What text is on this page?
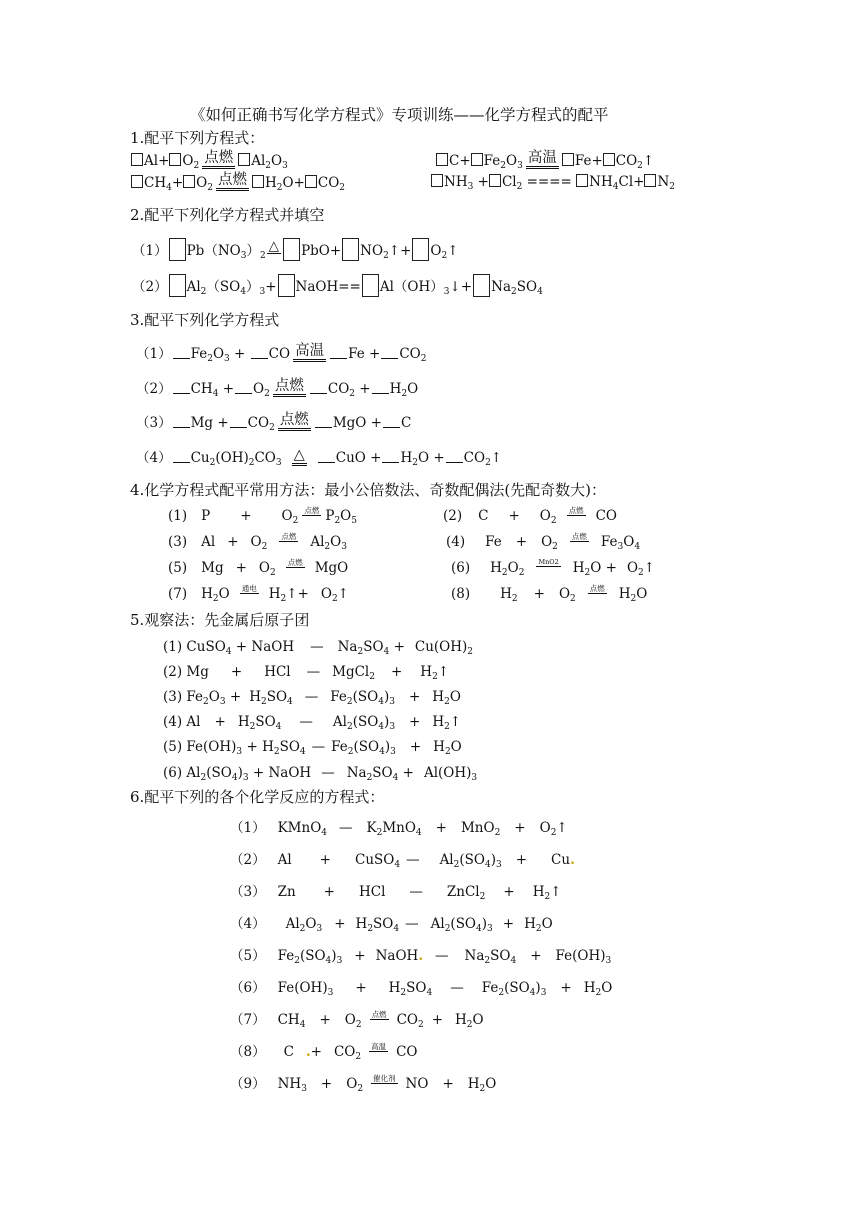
《如何正确书写化学方程式》专项训练——化学方程式的配平
1.配平下列方程式：
$Al+ O_2$ 点燃 $Al_2O_3$	$C+ Fe_2O_3$ 高温 $Fe+ CO_2↑$
$CH_4+ O_2$ 点燃 $H_2O+ CO_2$	$NH_3 + Cl_2$ ==== $NH_4Cl+ N_2$
2.配平下列化学方程式并填空
（1） $Pb(NO_3)_2\triangle$ $PbO+ NO_2↑+$ $O_2↑$
（2） $Al_2(SO_4)_3+$ NaOH== $Al(OH)_3↓+ Na_2SO_4$
3.配平下列化学方程式
（1） $Fe_2O_3$ + CO 高温 $Fe + CO_2$
（2） $CH_4 + O_2$ 点燃 $CO_2 + H_2O$
（3） $Mg + CO_2$ 点燃 MgO + C
（4） $Cu_2(OH)_2CO_3$ △ CuO + $H_2O$ + $CO_2↑$
4.化学方程式配平常用方法：最小公倍数法、奇数配偶法(先配奇数大)：
(1) $P + O_2$点燃 $P_2O_5$	(2) $C + O_2$点燃 CO
(3) $Al + O_2$点燃 $Al_2O_3$	(4) $Fe + O_2$点燃 $Fe_3O_4$
(5) $Mg + O_2$点燃 MgO	(6) $H_2O_2MnO2$ $H_2O$ + $O_2↑$
(7) $H_2O$ 通电 $H_2↑+$ $O_2↑$	(8) $H_2 + O_2$点燃 $H_2O$
5.观察法：先金属后原子团
(1) CuSO$_4$ + NaOH — $Na_2SO_4 + Cu(OH)_2$
(2) Mg + HCl — MgCl$_2$ + $H_2↑$
(3) $Fe_2O_3 + H_2SO_4$ — $Fe_2(SO_4)_3 + H_2O$
(4) $Al + H_2SO_4$ — $Al_2(SO_4)_3$ + $H_2↑$
(5) $Fe(OH)_3 + H_2SO_4$ — $Fe_2(SO_4)_3 + H_2O$
(6) $Al_2(SO_4)_3$ + NaOH — $Na_2SO_4 + Al(OH)_3$
6.配平下列的各个化学反应的方程式：
（1） KMnO$_4$ — $K_2MnO_4 + MnO_2$ + $O_2↑$
（2） Al + CuSO$_4$ — $Al_2(SO_4)_3 + Cu$.
（3） Zn + HCl — ZnCl$_2$ + $H_2↑$
（4） $Al_2O_3 + H_2SO_4$ — $Al_2(SO_4)_3 + H_2O$
（5） $Fe_2(SO_4)_3$ + NaOH. — $Na_2SO_4 + Fe(OH)_3$
（6） $Fe(OH)_3 + H_2SO_4$ — $Fe_2(SO_4)_3 + H_2O$
（7） $CH_4 + O_2$点燃 $CO_2 + H_2O$
（8） C .+ $CO_2$高温 CO
（9） $NH_3 + O_2$催化剂 NO + $H_2O$
